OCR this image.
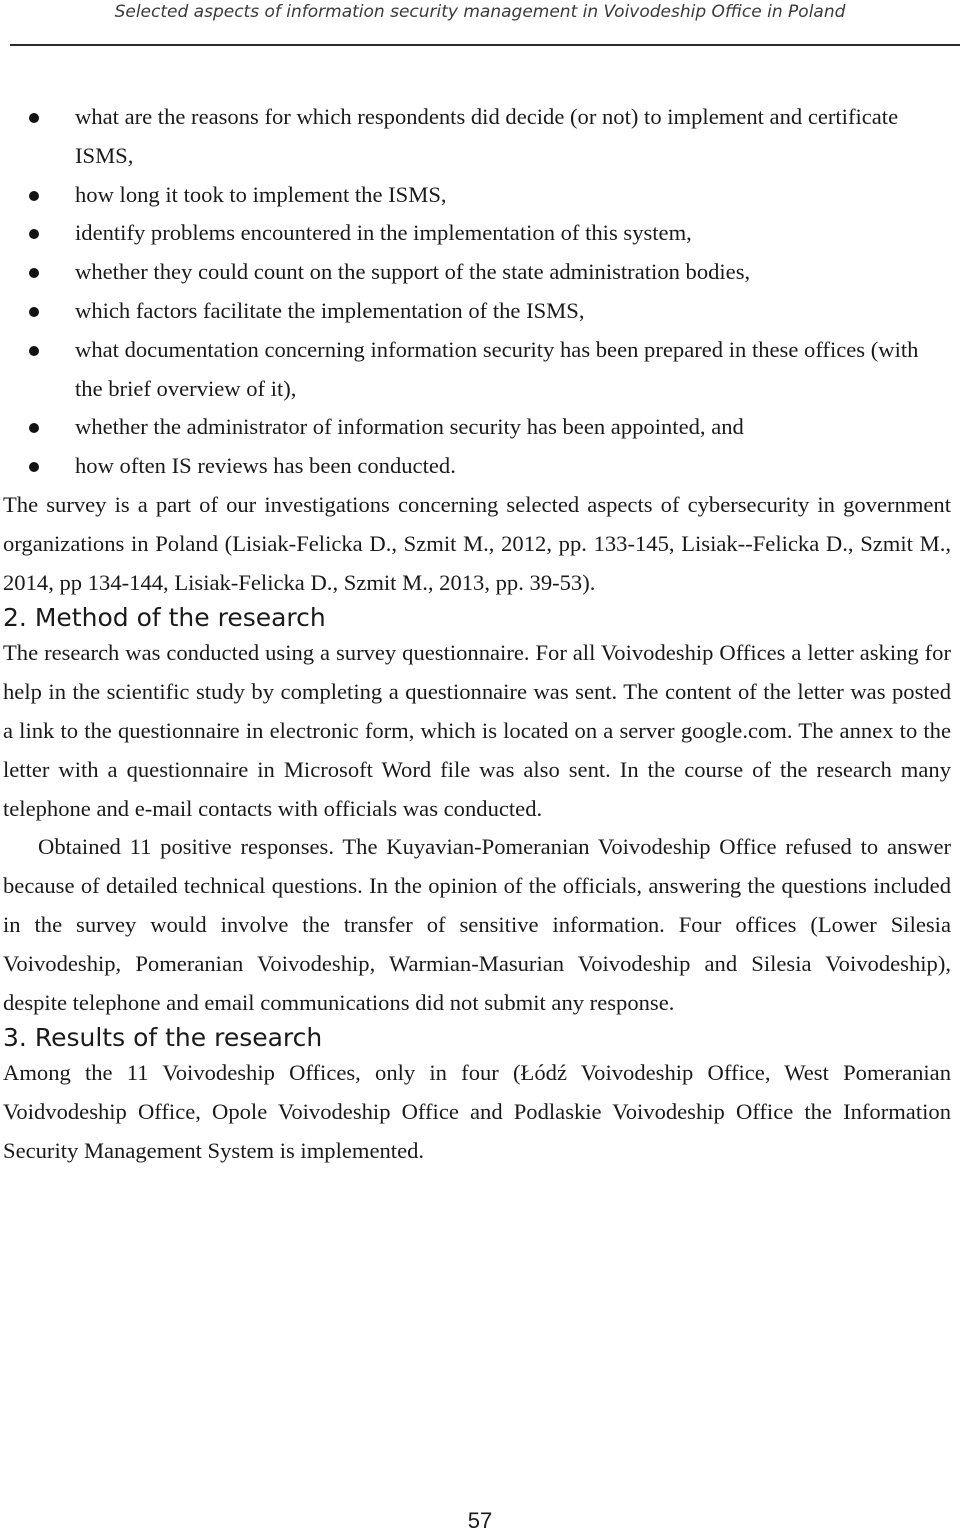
Selected aspects of information security management in Voivodeship Office in Poland
what are the reasons for which respondents did decide (or not) to implement and certificate ISMS,
how long it took to implement the ISMS,
identify problems encountered in the implementation of this system,
whether they could count on the support of the state administration bodies,
which factors facilitate the implementation of the ISMS,
what documentation concerning information security has been prepared in these offices (with the brief overview of it),
whether the administrator of information security has been appointed, and
how often IS reviews has been conducted.

The survey is a part of our investigations concerning selected aspects of cybersecurity in government organizations in Poland (Lisiak-Felicka D., Szmit M., 2012, pp. 133-145, Lisiak--Felicka D., Szmit M., 2014, pp 134-144, Lisiak-Felicka D., Szmit M., 2013, pp. 39-53).

2. Method of the research

The research was conducted using a survey questionnaire. For all Voivodeship Offices a letter asking for help in the scientific study by completing a questionnaire was sent. The content of the letter was posted a link to the questionnaire in electronic form, which is located on a server google.com. The annex to the letter with a questionnaire in Microsoft Word file was also sent. In the course of the research many telephone and e-mail contacts with officials was conducted.

Obtained 11 positive responses. The Kuyavian-Pomeranian Voivodeship Office refused to answer because of detailed technical questions. In the opinion of the officials, answering the questions included in the survey would involve the transfer of sensitive information. Four offices (Lower Silesia Voivodeship, Pomeranian Voivodeship, Warmian-Masurian Voivodeship and Silesia Voivodeship), despite telephone and email communications did not submit any response.

3. Results of the research

Among the 11 Voivodeship Offices, only in four (Łódź Voivodeship Office, West Pomeranian Voidvodeship Office, Opole Voivodeship Office and Podlaskie Voivodeship Office the Information Security Management System is implemented.

57
